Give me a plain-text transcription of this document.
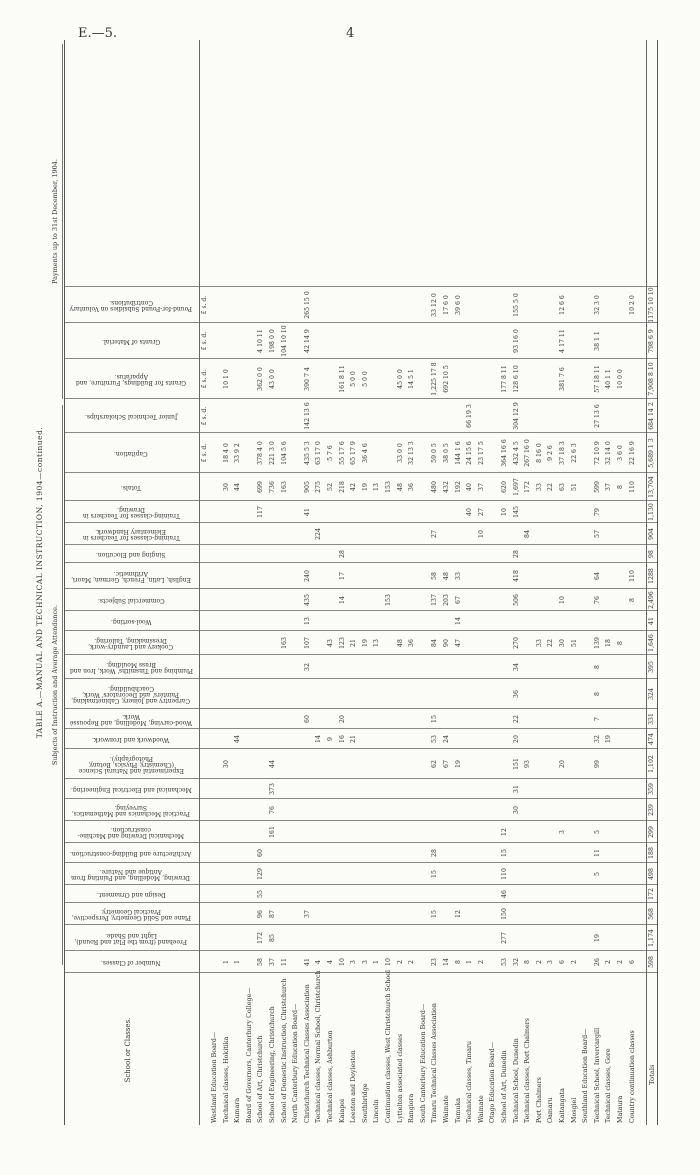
E.—5.	4
TABLE A.—MANUAL AND TECHNICAL INSTRUCTION, 1904—continued. Subjects of Instruction and Average Attendance.
Payments up to 31st December, 1904.
School or Classes.
Number of Classes.
Freehand (from the Flat and Round), Light and Shade.
Plane and Solid Geometry, Perspective, Practical Geometry.
Design and Ornament.
Drawing, Modelling, and Painting from Antique and Nature.
Architecture and Building-construction.
Mechanical Drawing and Machine-construction.
Practical Mechanics and Mathematics, Surveying.
Mechanical and Electrical Engineering.
Experimental and Natural Science (Chemistry, Physics, Botany, Photography).
Woodwork and Ironwork.
Wood-carving, Modelling, and Repoussé Work.
Carpentry and Joinery, Cabinetmaking, Painters' and Decorators' Work, Coachbuilding.
Plumbing and Tinsmiths' Work, Iron and Brass Moulding.
Cookery and Laundry-work, Dressmaking, Tailoring.
Wool-sorting.
Commercial Subjects.
English, Latin, French, German, Maori, Arithmetic.
Singing and Elocution.
Training-classes for Teachers in Elementary Handwork.
Training-classes for Teachers in Drawing.
Totals.
Capitation.
Junior Technical Scholarships.
Grants for Buildings, Furniture, and Apparatus.
Grants of Material.
Pound-for-Pound Subsidies on Voluntary Contributions.
£ s. d.
£ s. d.
£ s. d.
£ s. d.
£ s. d.
Westland Education Board— Technical classes, Hokitika
1
30
30
18 4 0
10 1 0
Kumara
1
44
44
33 9 2
Board of Governors, Canterbury College— School of Art, Christchurch
58
172
96
55
129
60
117
699
378 4 0
362 0 0
4 10 11
School of Engineering, Christchurch
37
85
87
161
76
373
44
736
221 3 0
43 0 0
198 0 0
School of Domestic Instruction, Christchurch
11
163
163
104 5 6
104 10 10
North Canterbury Education Board— Christchurch Technical Classes Association
41
37
60
32
107
13
435
240
41
905
435 5 3
142 13 6
390 7 4
42 14 9
265 15 0
Technical classes, Normal School, Christchurch
4
14
224
275
63 17 0
Technical classes, Ashburton
4
9
43
52
5 7 6
Kaiapoi
10
16
20
123
14
17
28
218
55 17 6
161 8 11
Leeston and Doyleston
3
21
21
42
65 17 9
5 0 0
Southbridge
3
19
19
36 4 6
5 0 0
Lincoln
1
13
13
Continuation classes, West Christchurch School
10
153
153
Lyttelton associated classes
2
48
48
33 0 0
45 0 0
Rangiora
2
36
36
32 13 3
14 5 1
South Canterbury Education Board— Timaru Technical Classes Association
23
15
15
28
62
53
15
84
137
58
27
480
59 0 5
1,225 17 8
33 12 0
Waimate
14
67
24
90
203
48
432
38 0 5
692 10 5
17 6 0
Temuka
8
12
19
47
14
67
33
192
144 1 6
39 6 0
Technical classes, Timaru
1
40
40
24 15 6
66 19 3
Waimate
2
10
27
37
23 17 5
Otago Education Board— School of Art, Dunedin
53
277
150
46
110
15
12
10
620
364 16 6
177 8 11
Technical School, Dunedin
32
30
31
151
20
22
36
34
270
506
418
28
145
1,697
432 4 5
304 12 9
128 6 10
93 16 0
155 5 0
Technical classes, Port Chalmers
8
93
84
172
267 16 0
Port Chalmers
2
33
33
8 16 0
Oamaru
3
22
22
9 2 6
Kaitangata
6
3
20
30
10
63
37 18 3
381 7 6
4 17 11
12 6 6
Mosgiel
2
51
51
22 6 3
Southland Education Board— Technical School, Invercargill
26
19
5
11
5
99
32
7
8
8
139
76
64
57
79
599
72 10 9
27 13 6
57 18 11
38 1 1
32 3 0
Technical classes, Gore
2
19
18
37
32 14 0
40 1 1
Mataura
2
8
8
3 6 0
10 0 0
Country continuation classes
6
8
110
110
22 16 9
10 2 0
Totals
598
1,174
568
172
498
188
299
239
359
1,102
474
331
324
395
1,646
41
2,496
1288
98
904
1,130
13,704
5,689 1 3
684 14 2
7,908 8 10
798 6 9
1175 10 10
